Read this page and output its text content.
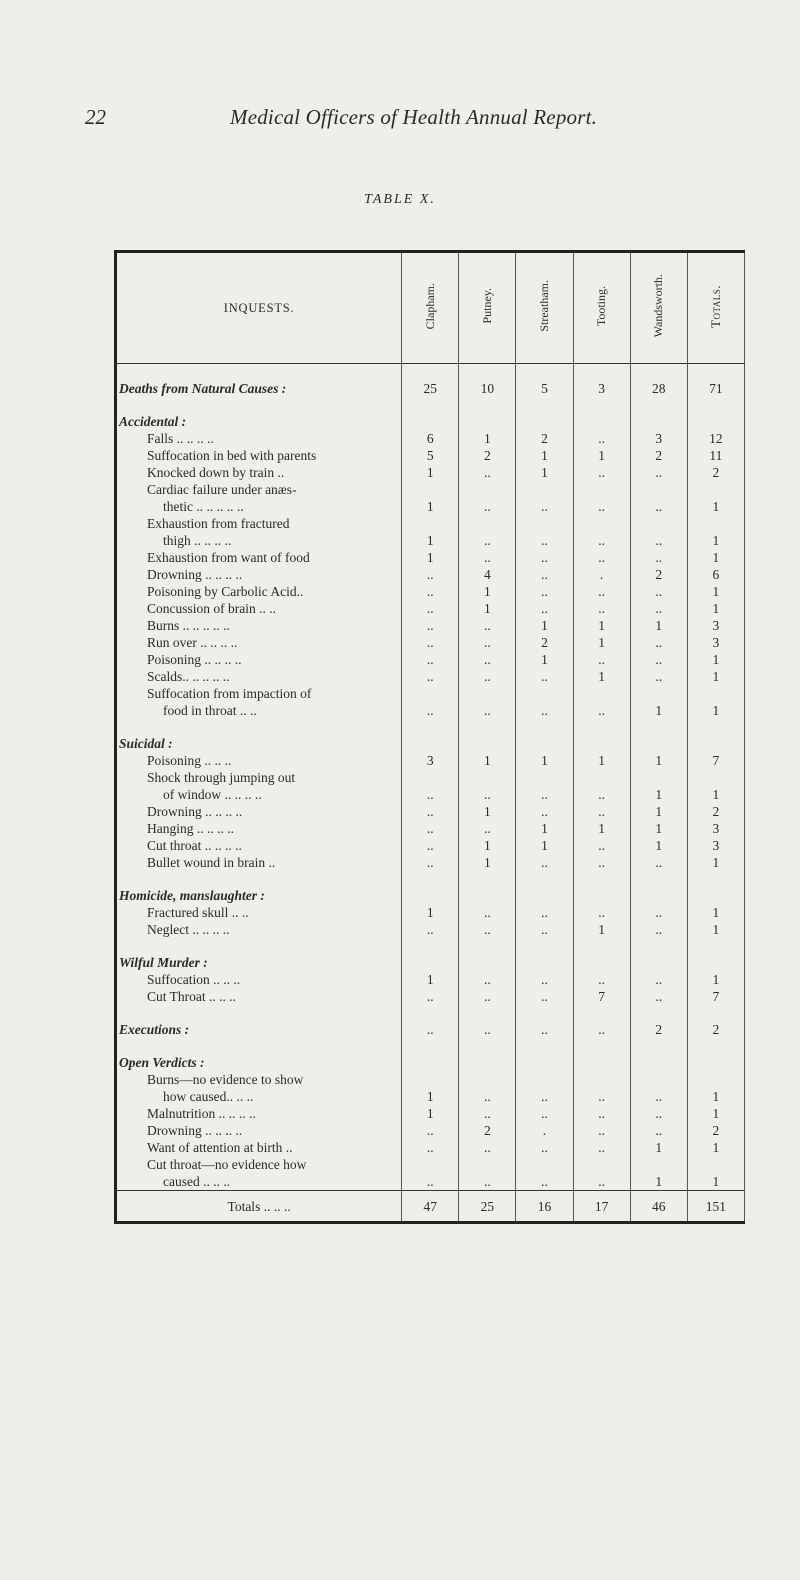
22	Medical Officers of Health Annual Report.
TABLE X.
INQUESTS.	Clapham.	Putney.	Streatham.	Tooting.	Wandsworth.	Totals.

Deaths from Natural Causes :	25	10	5	3	28	71

Accidental :						
Falls .. .. .. ..	6	1	2	..	3	12
Suffocation in bed with parents	5	2	1	1	2	11
Knocked down by train ..	1	..	1	..	..	2
Cardiac failure under anæs-						
thetic .. .. .. .. ..	1	..	..	..	..	1
Exhaustion from fractured						
thigh .. .. .. ..	1	..	..	..	..	1
Exhaustion from want of food	1	..	..	..	..	1
Drowning .. .. .. ..	..	4	..	.	2	6
Poisoning by Carbolic Acid..	..	1	..	..	..	1
Concussion of brain .. ..	..	1	..	..	..	1
Burns .. .. .. .. ..	..	..	1	1	1	3
Run over .. .. .. ..	..	..	2	1	..	3
Poisoning .. .. .. ..	..	..	1	..	..	1
Scalds.. .. .. .. ..	..	..	..	1	..	1
Suffocation from impaction of						
food in throat .. ..	..	..	..	..	1	1

Suicidal :						
Poisoning .. .. ..	3	1	1	1	1	7
Shock through jumping out						
of window .. .. .. ..	..	..	..	..	1	1
Drowning .. .. .. ..	..	1	..	..	1	2
Hanging .. .. .. ..	..	..	1	1	1	3
Cut throat .. .. .. ..	..	1	1	..	1	3
Bullet wound in brain ..	..	1	..	..	..	1

Homicide, manslaughter :						
Fractured skull .. ..	1	..	..	..	..	1
Neglect .. .. .. ..	..	..	..	1	..	1

Wilful Murder :						
Suffocation .. .. ..	1	..	..	..	..	1
Cut Throat .. .. ..	..	..	..	7	..	7

Executions :	..	..	..	..	2	2

Open Verdicts :						
Burns—no evidence to show						
how caused.. .. ..	1	..	..	..	..	1
Malnutrition .. .. .. ..	1	..	..	..	..	1
Drowning .. .. .. ..	..	2	.	..	..	2
Want of attention at birth ..	..	..	..	..	1	1
Cut throat—no evidence how						
caused .. .. ..	..	..	..	..	1	1
Totals .. .. ..	47	25	16	17	46	151
